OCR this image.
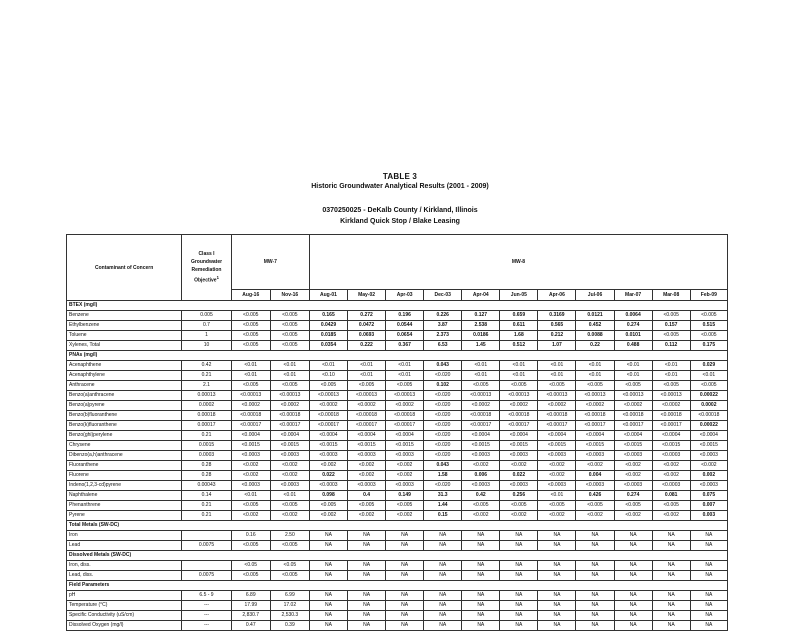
TABLE 3
Historic Groundwater Analytical Results (2001 - 2009)
0370250025 - DeKalb County / Kirkland, Illinois
Kirkland Quick Stop / Blake Leasing
Contaminant of Concern	Class I Groundwater Remediation Objective$^1$	MW-7		MW-8										
		Aug-16	Nov-16	Aug-01	May-02	Apr-03	Dec-03	Apr-04	Jun-05	Apr-06	Jul-06	Mar-07	Mar-08	Feb-09
BTEX (mg/l)														
Benzene	0.005	<0.005	<0.005	0.165	0.272	0.196	0.226	0.127	0.659	0.3169	0.0121	0.0064	<0.005	<0.005
Ethylbenzene	0.7	<0.005	<0.005	0.0429	0.0472	0.0544	3.87	2.538	0.611	0.565	0.452	0.274	0.157	0.515
Toluene	1	<0.005	<0.005	0.0185	0.0693	0.0654	2.373	0.0186	1.68	0.212	0.0088	0.0101	<0.005	<0.005
Xylenes, Total	10	<0.005	<0.005	0.0354	0.222	0.367	6.53	1.45	0.512	1.07	0.22	0.488	0.112	0.175
PNAs (mg/l)														
Acenaphthene	0.42	<0.01	<0.01	<0.01	<0.01	<0.01	0.043	<0.01	<0.01	<0.01	<0.01	<0.01	<0.01	0.029
Acenaphthylene	0.21	<0.01	<0.01	<0.10	<0.01	<0.01	<0.020	<0.01	<0.01	<0.01	<0.01	<0.01	<0.01	<0.01
Anthracene	2.1	<0.005	<0.005	<0.005	<0.005	<0.005	0.102	<0.005	<0.005	<0.005	<0.005	<0.005	<0.005	<0.005
Benzo(a)anthracene	0.00013	<0.00013	<0.00013	<0.00013	<0.00013	<0.00013	<0.020	<0.00013	<0.00013	<0.00013	<0.00013	<0.00013	<0.00013	0.00022
Benzo(a)pyrene	0.0002	<0.0002	<0.0002	<0.0002	<0.0002	<0.0002	<0.020	<0.0002	<0.0002	<0.0002	<0.0002	<0.0002	<0.0002	0.0002
Benzo(b)fluoranthene	0.00018	<0.00018	<0.00018	<0.00018	<0.00018	<0.00018	<0.020	<0.00018	<0.00018	<0.00018	<0.00018	<0.00018	<0.00018	<0.00018
Benzo(k)fluoranthene	0.00017	<0.00017	<0.00017	<0.00017	<0.00017	<0.00017	<0.020	<0.00017	<0.00017	<0.00017	<0.00017	<0.00017	<0.00017	0.00022
Benzo(ghi)perylene	0.21	<0.0004	<0.0004	<0.0004	<0.0004	<0.0004	<0.020	<0.0004	<0.0004	<0.0004	<0.0004	<0.0004	<0.0004	<0.0004
Chrysene	0.0015	<0.0015	<0.0015	<0.0015	<0.0015	<0.0015	<0.020	<0.0015	<0.0015	<0.0015	<0.0015	<0.0015	<0.0015	<0.0015
Dibenzo(a,h)anthracene	0.0003	<0.0003	<0.0003	<0.0003	<0.0003	<0.0003	<0.020	<0.0003	<0.0003	<0.0003	<0.0003	<0.0003	<0.0003	<0.0003
Fluoranthene	0.28	<0.002	<0.002	<0.002	<0.002	<0.002	0.043	<0.002	<0.002	<0.002	<0.002	<0.002	<0.002	<0.002
Fluorene	0.28	<0.002	<0.002	0.022	<0.002	<0.002	1.58	0.006	0.022	<0.002	0.004	<0.002	<0.002	0.002
Indeno(1,2,3-cd)pyrene	0.00043	<0.0003	<0.0003	<0.0003	<0.0003	<0.0003	<0.020	<0.0003	<0.0003	<0.0003	<0.0003	<0.0003	<0.0003	<0.0003
Naphthalene	0.14	<0.01	<0.01	0.098	0.4	0.149	31.3	0.42	0.256	<0.01	0.426	0.274	0.081	0.075
Phenanthrene	0.21	<0.005	<0.005	<0.005	<0.005	<0.005	1.44	<0.005	<0.005	<0.005	<0.005	<0.005	<0.005	0.007
Pyrene	0.21	<0.002	<0.002	<0.002	<0.002	<0.002	0.15	<0.002	<0.002	<0.002	<0.002	<0.002	<0.002	0.003
Total Metals (SW-DC)														
Iron		0.16	2.50	NA	NA	NA	NA	NA	NA	NA	NA	NA	NA	NA
Lead	0.0075	<0.005	<0.005	NA	NA	NA	NA	NA	NA	NA	NA	NA	NA	NA
Dissolved Metals (SW-DC)														
Iron, diss.		<0.05	<0.05	NA	NA	NA	NA	NA	NA	NA	NA	NA	NA	NA
Lead, diss.	0.0075	<0.005	<0.005	NA	NA	NA	NA	NA	NA	NA	NA	NA	NA	NA
Field Parameters														
pH	6.5 - 9	6.89	6.99	NA	NA	NA	NA	NA	NA	NA	NA	NA	NA	NA
Temperature (°C)	---	17.99	17.02	NA	NA	NA	NA	NA	NA	NA	NA	NA	NA	NA
Specific Conductivity (uS/cm)	---	2,830.7	2,530.3	NA	NA	NA	NA	NA	NA	NA	NA	NA	NA	NA
Dissolved Oxygen (mg/l)	---	0.47	0.39	NA	NA	NA	NA	NA	NA	NA	NA	NA	NA	NA
